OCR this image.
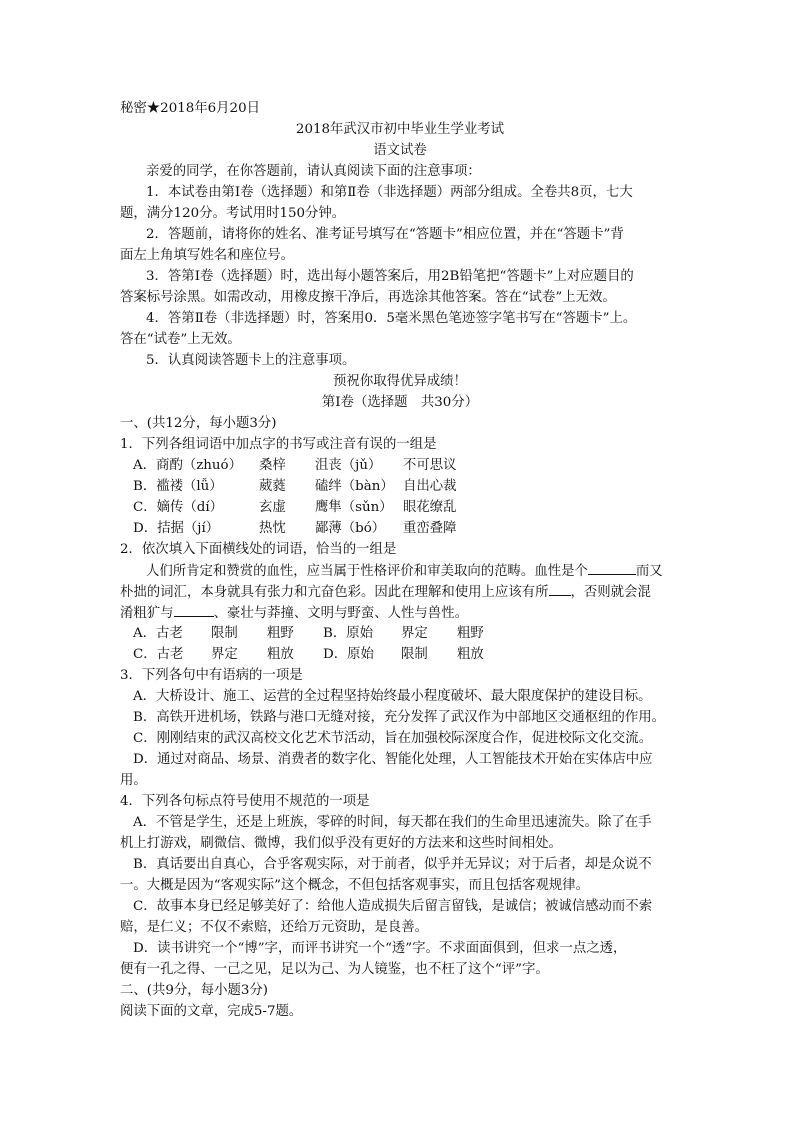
秘密★2018年6月20日
2018年武汉市初中毕业生学业考试
语文试卷
亲爱的同学，在你答题前，请认真阅读下面的注意事项：
1．本试卷由第Ⅰ卷（选择题）和第Ⅱ卷（非选择题）两部分组成。全卷共8页，七大
题，满分120分。考试用时150分钟。
2．答题前，请将你的姓名、准考证号填写在“答题卡”相应位置，并在“答题卡”背
面左上角填写姓名和座位号。
3．答第Ⅰ卷（选择题）时，选出每小题答案后，用2B铅笔把“答题卡”上对应题目的
答案标号涂黑。如需改动，用橡皮擦干净后，再选涂其他答案。答在“试卷”上无效。
4．答第Ⅱ卷（非选择题）时，答案用0．5毫米黑色笔迹签字笔书写在“答题卡”上。
答在“试卷”上无效。
5．认真阅读答题卡上的注意事项。
预祝你取得优异成绩！
第Ⅰ卷（选择题　共30分）
一、(共12分，每小题3分)
1．下列各组词语中加点字的书写或注音有误的一组是
A．商酌（zhuó）	桑梓	沮丧（jǔ）	不可思议
B．褴褛（lǚ）	葳蕤	磕绊（bàn） 自出心裁
C．嫡传（dí）	玄虚	鹰隼（sǔn） 眼花缭乱
D．拮据（jí）	热忱	鄙薄（bó）	重峦叠障
2．依次填入下面横线处的词语，恰当的一组是
人们所肯定和赞赏的血性，应当属于性格评价和审美取向的范畴。血性是个	而又
朴拙的词汇，本身就具有张力和亢奋色彩。因此在理解和使用上应该有所 ，否则就会混
淆粗犷与	、豪壮与莽撞、文明与野蛮、人性与兽性。
A．古老	限制	粗野	B．原始	界定	粗野
C．古老	界定	粗放	D．原始	限制	粗放
3．下列各句中有语病的一项是
A．大桥设计、施工、运营的全过程坚持始终最小程度破坏、最大限度保护的建设目标。
B．高铁开进机场，铁路与港口无缝对接，充分发挥了武汉作为中部地区交通枢纽的作用。
C．刚刚结束的武汉高校文化艺术节活动，旨在加强校际深度合作，促进校际文化交流。
D．通过对商品、场景、消费者的数字化、智能化处理，人工智能技术开始在实体店中应
用。
4．下列各句标点符号使用不规范的一项是
A．不管是学生，还是上班族，零碎的时间，每天都在我们的生命里迅速流失。除了在手
机上打游戏，刷微信、微博，我们似乎没有更好的方法来和这些时间相处。
B．真话要出自真心，合乎客观实际，对于前者，似乎并无异议；对于后者，却是众说不
一。大概是因为“客观实际”这个概念，不但包括客观事实，而且包括客观规律。
C．故事本身已经足够美好了：给他人造成损失后留言留钱，是诚信；被诚信感动而不索
赔，是仁义；不仅不索赔，还给万元资助，是良善。
D．读书讲究一个“博”字，而评书讲究一个“透”字。不求面面俱到，但求一点之透，
便有一孔之得、一己之见，足以为己、为人镜鉴，也不枉了这个“评”字。
二、(共9分，每小题3分)
阅读下面的文章，完成5-7题。
